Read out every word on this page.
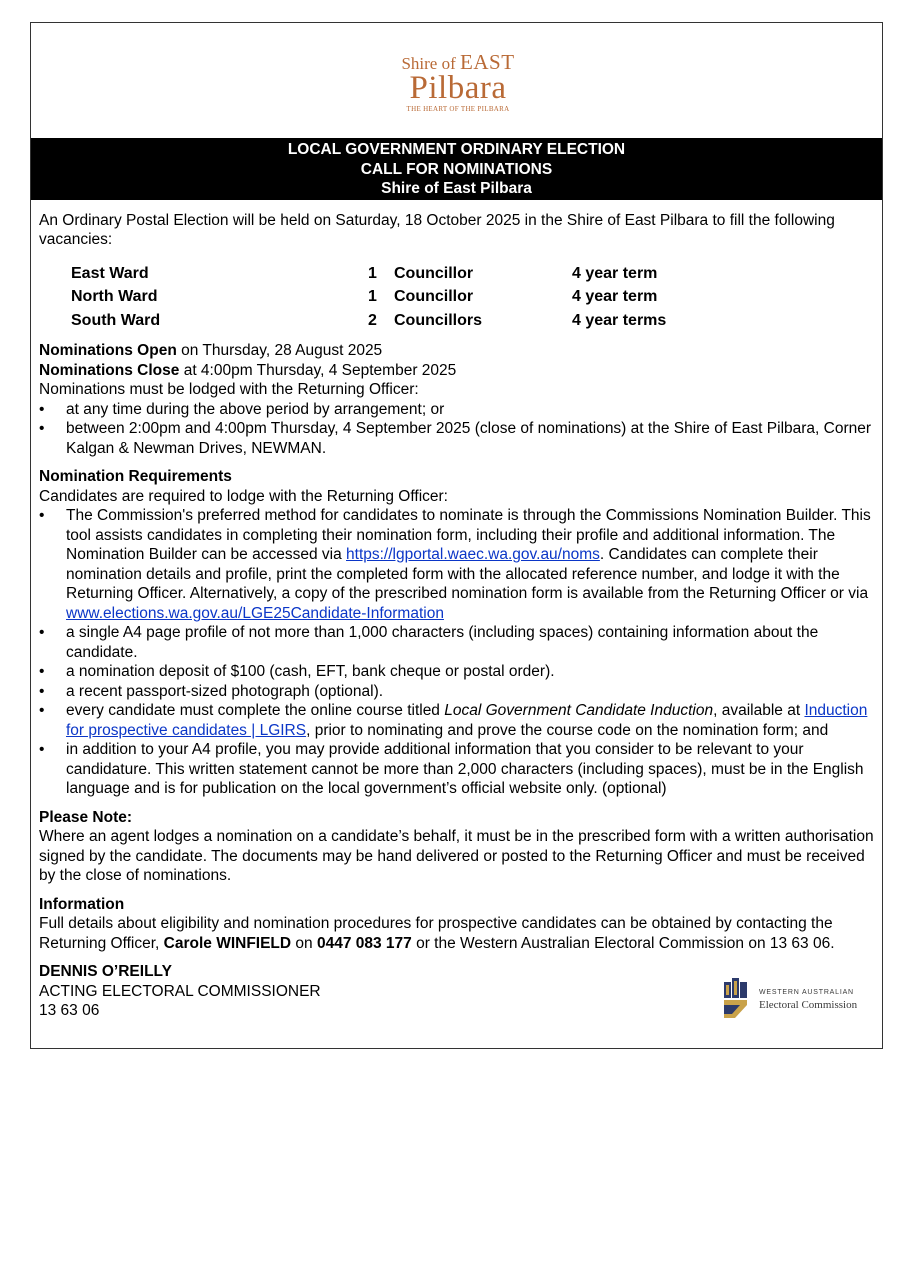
Shire of EAST
Pilbara
THE HEART OF THE PILBARA
LOCAL GOVERNMENT ORDINARY ELECTION
CALL FOR NOMINATIONS
Shire of East Pilbara

An Ordinary Postal Election will be held on Saturday, 18 October 2025 in the Shire of East Pilbara to fill the following vacancies:

East Ward	1	Councillor	4 year term
North Ward	1	Councillor	4 year term
South Ward	2	Councillors	4 year terms

Nominations Open on Thursday, 28 August 2025

Nominations Close at 4:00pm Thursday, 4 September 2025

Nominations must be lodged with the Returning Officer:

• at any time during the above period by arrangement; or
• between 2:00pm and 4:00pm Thursday, 4 September 2025 (close of nominations) at the Shire of East Pilbara, Corner Kalgan & Newman Drives, NEWMAN.

Nomination Requirements

Candidates are required to lodge with the Returning Officer:

• The Commission's preferred method for candidates to nominate is through the Commissions Nomination Builder. This tool assists candidates in completing their nomination form, including their profile and additional information. The Nomination Builder can be accessed via https://lgportal.waec.wa.gov.au/noms. Candidates can complete their nomination details and profile, print the completed form with the allocated reference number, and lodge it with the Returning Officer. Alternatively, a copy of the prescribed nomination form is available from the Returning Officer or via www.elections.wa.gov.au/LGE25Candidate-Information
• a single A4 page profile of not more than 1,000 characters (including spaces) containing information about the candidate.
• a nomination deposit of $100 (cash, EFT, bank cheque or postal order).
• a recent passport-sized photograph (optional).
• every candidate must complete the online course titled Local Government Candidate Induction, available at Induction for prospective candidates | LGIRS, prior to nominating and prove the course code on the nomination form; and
• in addition to your A4 profile, you may provide additional information that you consider to be relevant to your candidature. This written statement cannot be more than 2,000 characters (including spaces), must be in the English language and is for publication on the local government’s official website only. (optional)

Please Note:

Where an agent lodges a nomination on a candidate’s behalf, it must be in the prescribed form with a written authorisation signed by the candidate. The documents may be hand delivered or posted to the Returning Officer and must be received by the close of nominations.

Information

Full details about eligibility and nomination procedures for prospective candidates can be obtained by contacting the Returning Officer, Carole WINFIELD on 0447 083 177 or the Western Australian Electoral Commission on 13 63 06.

DENNIS O’REILLY

ACTING ELECTORAL COMMISSIONER

13 63 06

WESTERN AUSTRALIAN
Electoral Commission
